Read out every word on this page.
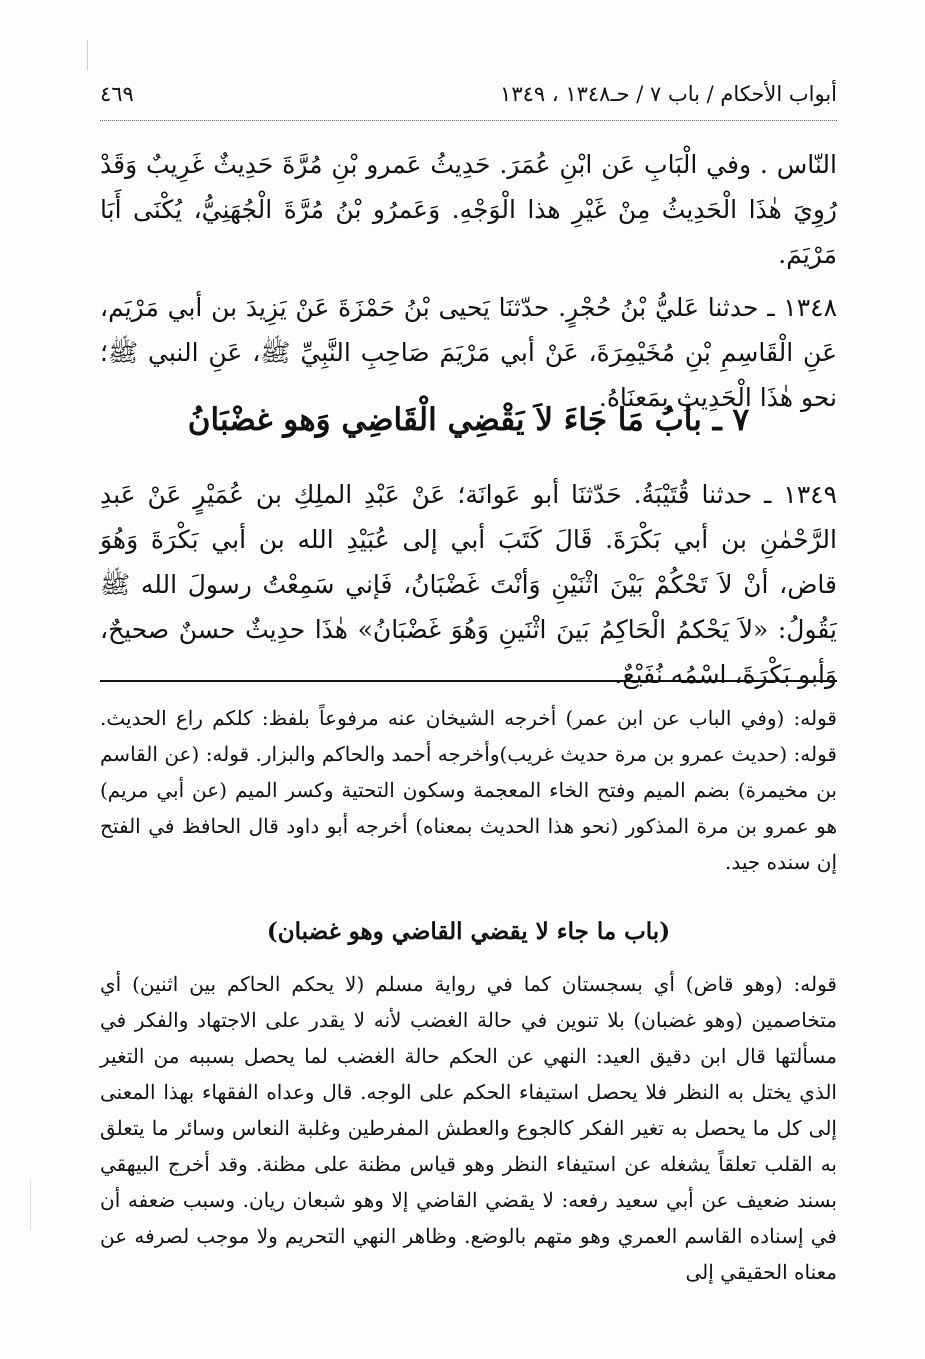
أبواب الأحكام / باب ٧ / حـ١٣٤٨ ، ١٣٤٩
٤٦٩

النّاس . وفي الْبَابِ عَن ابْنِ عُمَرَ. حَدِيثُ عَمرو بْنِ مُرَّةَ حَدِيثٌ غَرِيبٌ وَقَدْ رُوِيَ هٰذَا الْحَدِيثُ مِنْ غَيْرِ هذا الْوَجْهِ. وَعَمرُو بْنُ مُرَّةَ الْجُهَنِيُّ، يُكْنَى أَبَا مَرْيَمَ.

١٣٤٨ ـ حدثنا عَليُّ بْنُ حُجْرٍ. حدّثنَا يَحيى بْنُ حَمْزَةَ عَنْ يَزِيدَ بن أبي مَرْيَم، عَنِ الْقَاسِمِ بْنِ مُخَيْمِرَةَ، عَنْ أبي مَرْيَمَ صَاحِبِ النَّبِيِّ ﷺ، عَنِ النبي ﷺ؛ نحو هٰذَا الْحَدِيثِ بِمَعنَاهُ.

٧ ـ بابُ مَا جَاءَ لاَ يَقْضِي الْقَاضِي وَهو غضْبَانُ

١٣٤٩ ـ حدثنا قُتَيْبَةُ. حَدّثنَا أبو عَوانَة؛ عَنْ عَبْدِ الملِكِ بن عُمَيْرٍ عَنْ عَبدِ الرَّحْمٰنِ بن أبي بَكْرَةَ. قَالَ كَتَبَ أبي إلى عُبَيْدِ الله بن أبي بَكْرَةَ وَهُوَ قاض، أنْ لاَ تَحْكُمْ بَيْنَ اثْنَيْنِ وَأنْتَ غَضْبَانُ، فَإني سَمِعْتُ رسولَ الله ﷺ يَقُولُ: «لاَ يَحْكمُ الْحَاكِمُ بَينَ اثْنَينِ وَهُوَ غَضْبَانُ» هٰذَا حدِيثٌ حسنٌ صحيحٌ، وَأبو بَكْرَةَ، اسْمُه نُفَيْعٌ.

قوله: (وفي الباب عن ابن عمر) أخرجه الشيخان عنه مرفوعاً بلفظ: كلكم راع الحديث. قوله: (حديث عمرو بن مرة حديث غريب)وأخرجه أحمد والحاكم والبزار. قوله: (عن القاسم بن مخيمرة) بضم الميم وفتح الخاء المعجمة وسكون التحتية وكسر الميم (عن أبي مريم) هو عمرو بن مرة المذكور (نحو هذا الحديث بمعناه) أخرجه أبو داود قال الحافظ في الفتح إن سنده جيد.

(باب ما جاء لا يقضي القاضي وهو غضبان)

قوله: (وهو قاض) أي بسجستان كما في رواية مسلم (لا يحكم الحاكم بين اثنين) أي متخاصمين (وهو غضبان) بلا تنوين في حالة الغضب لأنه لا يقدر على الاجتهاد والفكر في مسألتها قال ابن دقيق العيد: النهي عن الحكم حالة الغضب لما يحصل بسببه من التغير الذي يختل به النظر فلا يحصل استيفاء الحكم على الوجه. قال وعداه الفقهاء بهذا المعنى إلى كل ما يحصل به تغير الفكر كالجوع والعطش المفرطين وغلبة النعاس وسائر ما يتعلق به القلب تعلقاً يشغله عن استيفاء النظر وهو قياس مظنة على مظنة. وقد أخرج البيهقي بسند ضعيف عن أبي سعيد رفعه: لا يقضي القاضي إلا وهو شبعان ريان. وسبب ضعفه أن في إسناده القاسم العمري وهو متهم بالوضع. وظاهر النهي التحريم ولا موجب لصرفه عن معناه الحقيقي إلى
